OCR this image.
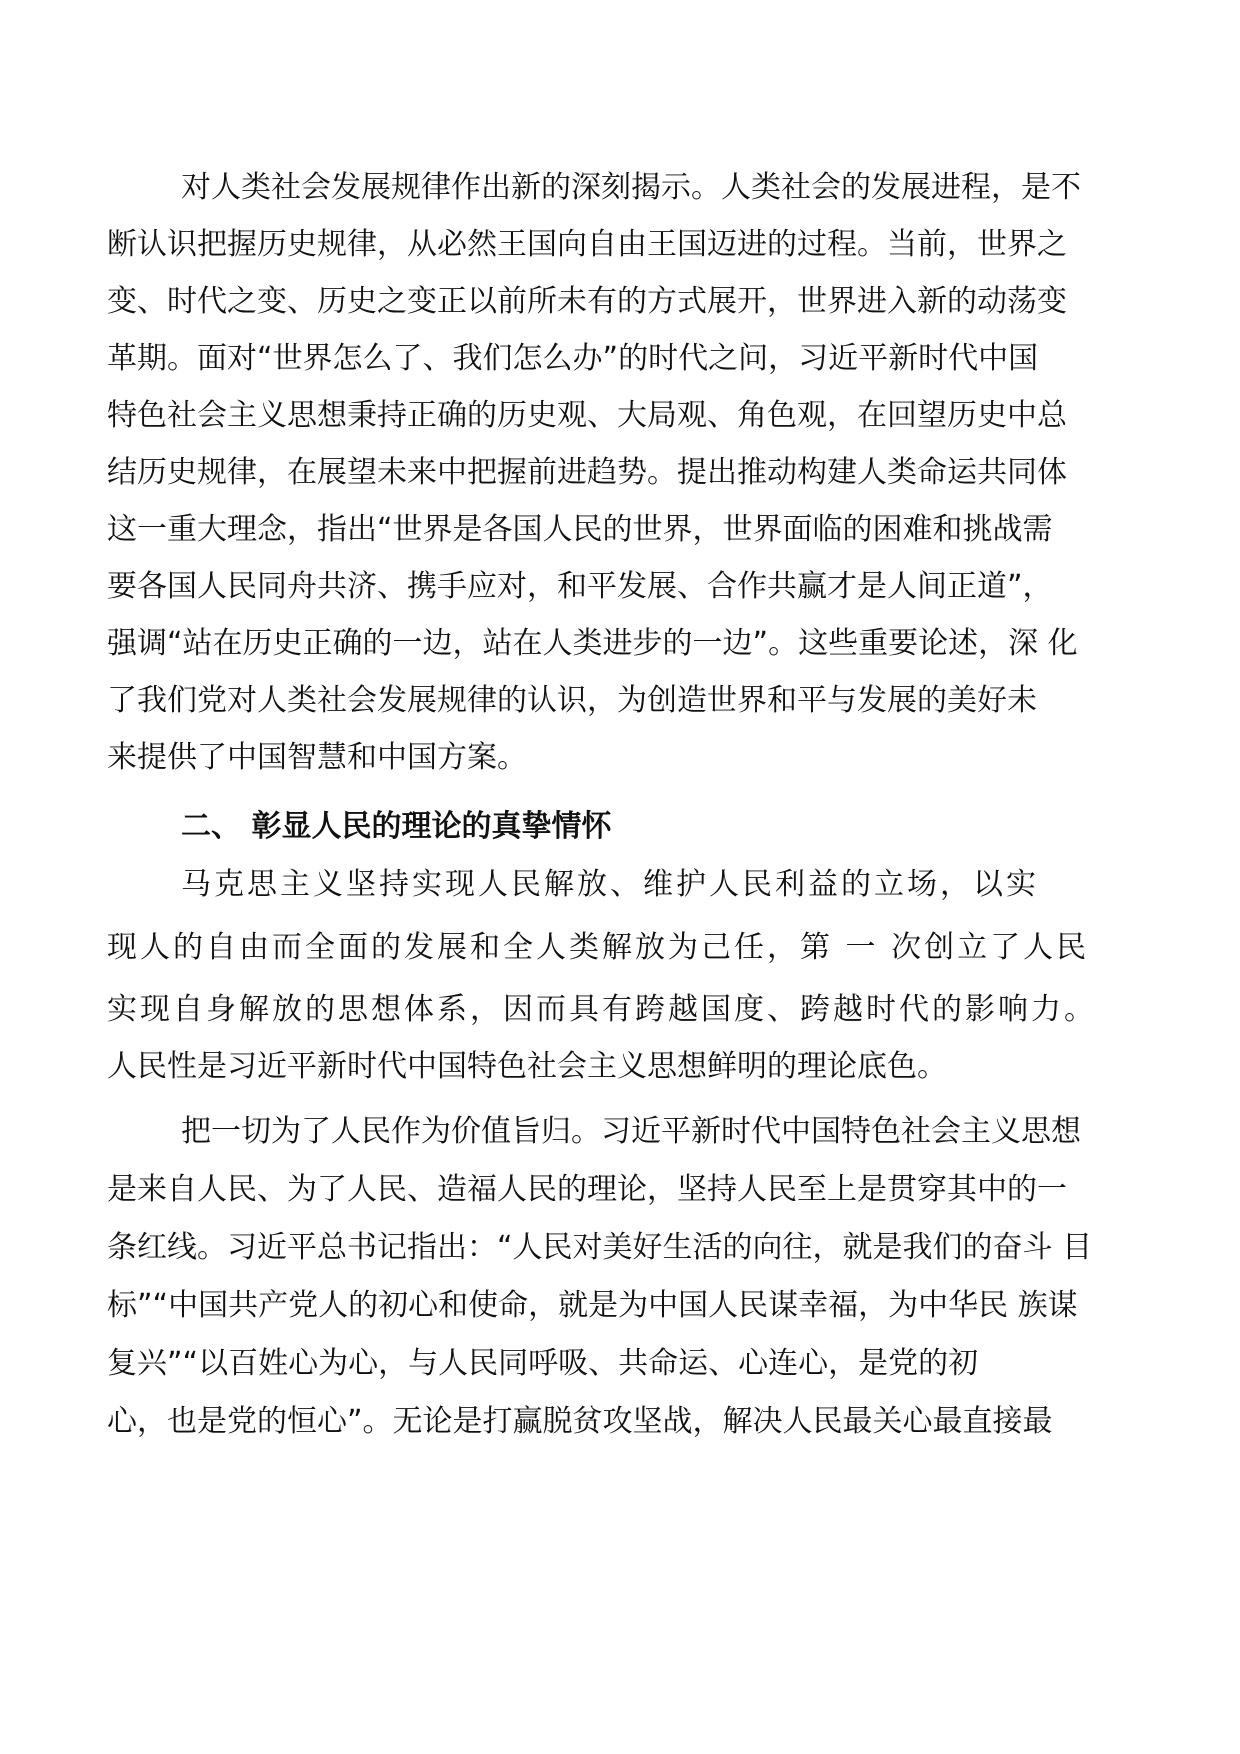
对人类社会发展规律作出新的深刻揭示。人类社会的发展进程，是不

断认识把握历史规律，从必然王国向自由王国迈进的过程。当前，世界之

变、时代之变、历史之变正以前所未有的方式展开，世界进入新的动荡变

革期。面对“世界怎么了、我们怎么办”的时代之问，习近平新时代中国

特色社会主义思想秉持正确的历史观、大局观、角色观，在回望历史中总

结历史规律，在展望未来中把握前进趋势。提出推动构建人类命运共同体

这一重大理念，指出“世界是各国人民的世界，世界面临的困难和挑战需

要各国人民同舟共济、携手应对，和平发展、合作共赢才是人间正道”，

强调“站在历史正确的一边，站在人类进步的一边”。这些重要论述，深 化

了我们党对人类社会发展规律的认识，为创造世界和平与发展的美好未

来提供了中国智慧和中国方案。

二、 彰显人民的理论的真挚情怀

马克思主义坚持实现人民解放、维护人民利益的立场，以实

现人的自由而全面的发展和全人类解放为己任，第 一 次创立了人民

实现自身解放的思想体系，因而具有跨越国度、跨越时代的影响力。

人民性是习近平新时代中国特色社会主义思想鲜明的理论底色。

把一切为了人民作为价值旨归。习近平新时代中国特色社会主义思想

是来自人民、为了人民、造福人民的理论，坚持人民至上是贯穿其中的一

条红线。习近平总书记指出：“人民对美好生活的向往，就是我们的奋斗 目

标”“中国共产党人的初心和使命，就是为中国人民谋幸福，为中华民 族谋

复兴”“以百姓心为心，与人民同呼吸、共命运、心连心，是党的初

心，也是党的恒心”。无论是打赢脱贫攻坚战，解决人民最关心最直接最
